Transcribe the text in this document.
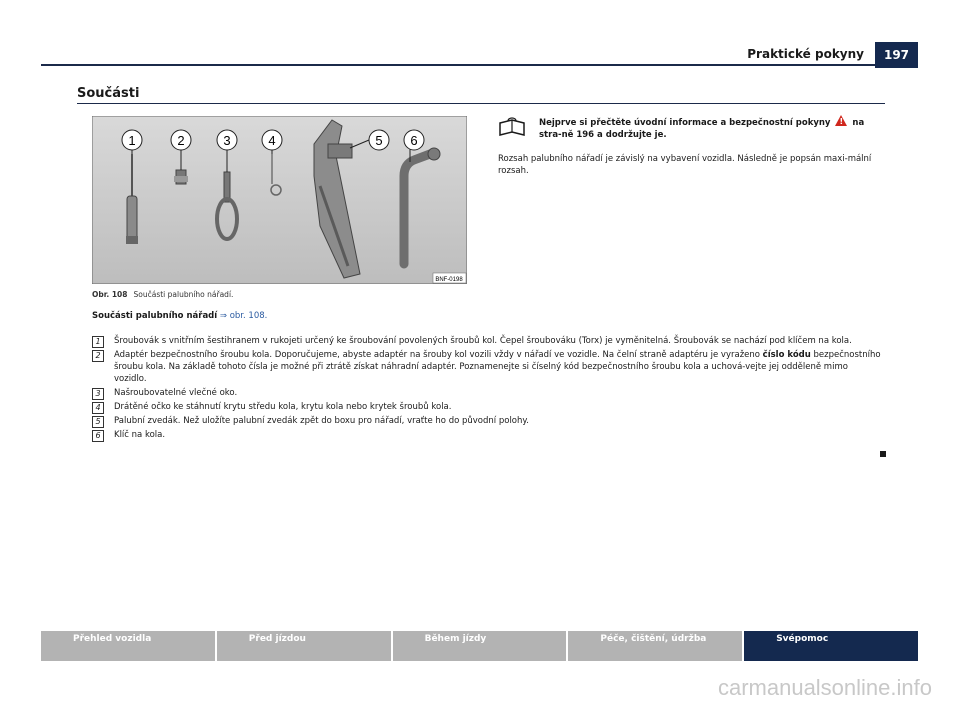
Praktické pokyny	197
Součásti
1	2	3	4	5 6
BNF-0198
Obr. 108 Součásti palubního nářadí.
Nejprve si přečtěte úvodní informace a bezpečnostní pokyny !	na stra-ně 196 a dodržujte je.
Rozsah palubního nářadí je závislý na vybavení vozidla. Následně je popsán maxi-mální rozsah.
Součásti palubního nářadí ⇒ obr. 108.
1	Šroubovák s vnitřním šestihranem v rukojeti určený ke šroubování povolených šroubů kol. Čepel šroubováku (Torx) je vyměnitelná. Šroubovák se nachází pod klíčem na kola.
2	Adaptér bezpečnostního šroubu kola. Doporučujeme, abyste adaptér na šrouby kol vozili vždy v nářadí ve vozidle. Na čelní straně adaptéru je vyraženo číslo kódu bezpečnostního šroubu kola. Na základě tohoto čísla je možné při ztrátě získat náhradní adaptér. Poznamenejte si číselný kód bezpečnostního šroubu kola a uchová-vejte jej odděleně mimo vozidlo.
3	Našroubovatelné vlečné oko.
4	Drátěné očko ke stáhnutí krytu středu kola, krytu kola nebo krytek šroubů kola.
5	Palubní zvedák. Než uložíte palubní zvedák zpět do boxu pro nářadí, vraťte ho do původní polohy.
6	Klíč na kola.
Přehled vozidla	Před jízdou	Během jízdy	Péče, čištění, údržba	Svépomoc
carmanualsonline.info
